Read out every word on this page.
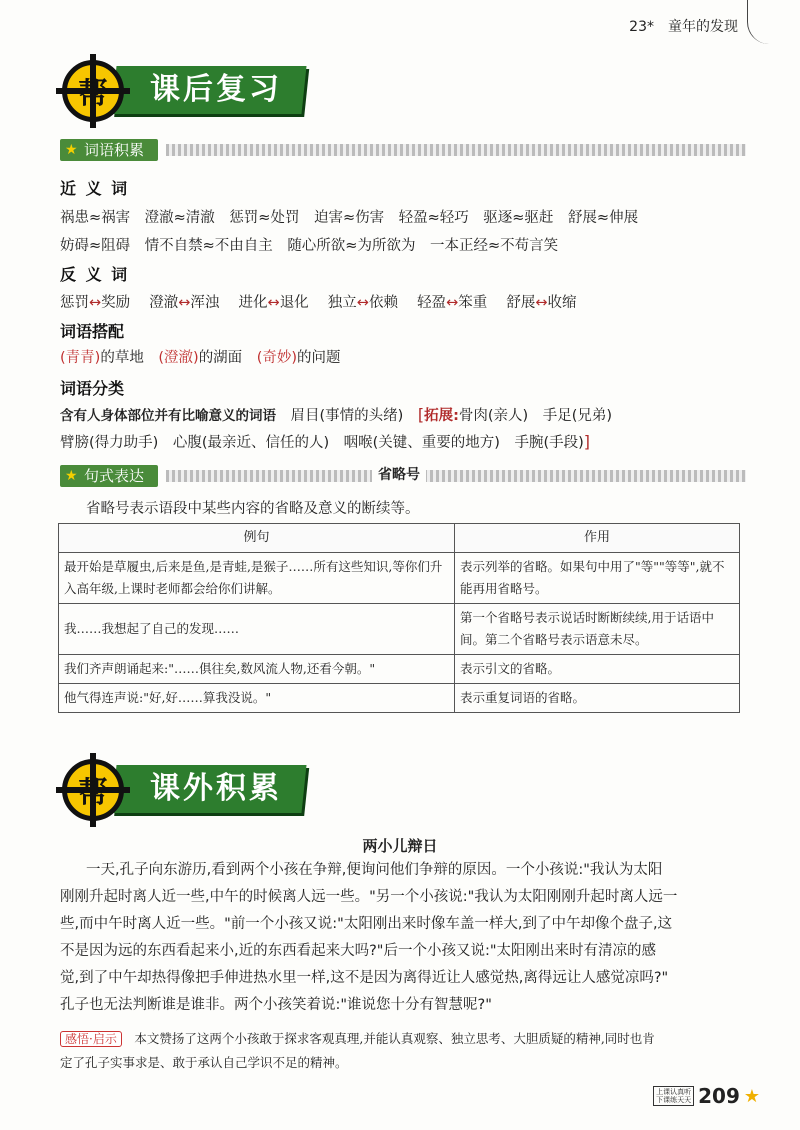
23*　童年的发现
帮	课后复习
★ 词语积累
近 义 词
祸患≈祸害　 澄澈≈清澈　 惩罚≈处罚　 迫害≈伤害　 轻盈≈轻巧　 驱逐≈驱赶　 舒展≈伸展
妨碍≈阻碍　 情不自禁≈不由自主　 随心所欲≈为所欲为　 一本正经≈不苟言笑
反 义 词
惩罚↔奖励　 澄澈↔浑浊　 进化↔退化　 独立↔依赖　 轻盈↔笨重　 舒展↔收缩
词语搭配
(青青)的草地　 (澄澈)的湖面　 (奇妙)的问题
词语分类
含有人身体部位并有比喻意义的词语　 眉目(事情的头绪)　 [拓展:骨肉(亲人)　手足(兄弟)
臂膀(得力助手)　心腹(最亲近、信任的人)　咽喉(关键、重要的地方)　手腕(手段)]
★ 句式表达	省略号
省略号表示语段中某些内容的省略及意义的断续等。
例句	作用
最开始是草履虫,后来是鱼,是青蛙,是猴子……所有这些知识,等你们升入高年级,上课时老师都会给你们讲解。	表示列举的省略。如果句中用了"等""等等",就不能再用省略号。
我……我想起了自己的发现……	第一个省略号表示说话时断断续续,用于话语中间。第二个省略号表示语意未尽。
我们齐声朗诵起来:"……俱往矣,数风流人物,还看今朝。"	表示引文的省略。
他气得连声说:"好,好……算我没说。"	表示重复词语的省略。
帮	课外积累
两小儿辩日
一天,孔子向东游历,看到两个小孩在争辩,便询问他们争辩的原因。一个小孩说:"我认为太阳
刚刚升起时离人近一些,中午的时候离人远一些。"另一个小孩说:"我认为太阳刚刚升起时离人远一
些,而中午时离人近一些。"前一个小孩又说:"太阳刚出来时像车盖一样大,到了中午却像个盘子,这
不是因为远的东西看起来小,近的东西看起来大吗?"后一个小孩又说:"太阳刚出来时有清凉的感
觉,到了中午却热得像把手伸进热水里一样,这不是因为离得近让人感觉热,离得远让人感觉凉吗?"
孔子也无法判断谁是谁非。两个小孩笑着说:"谁说您十分有智慧呢?"
感悟·启示　 本文赞扬了这两个小孩敢于探求客观真理,并能认真观察、独立思考、大胆质疑的精神,同时也肯
定了孔子实事求是、敢于承认自己学识不足的精神。
上课认真听
下课练天天 209 ★
